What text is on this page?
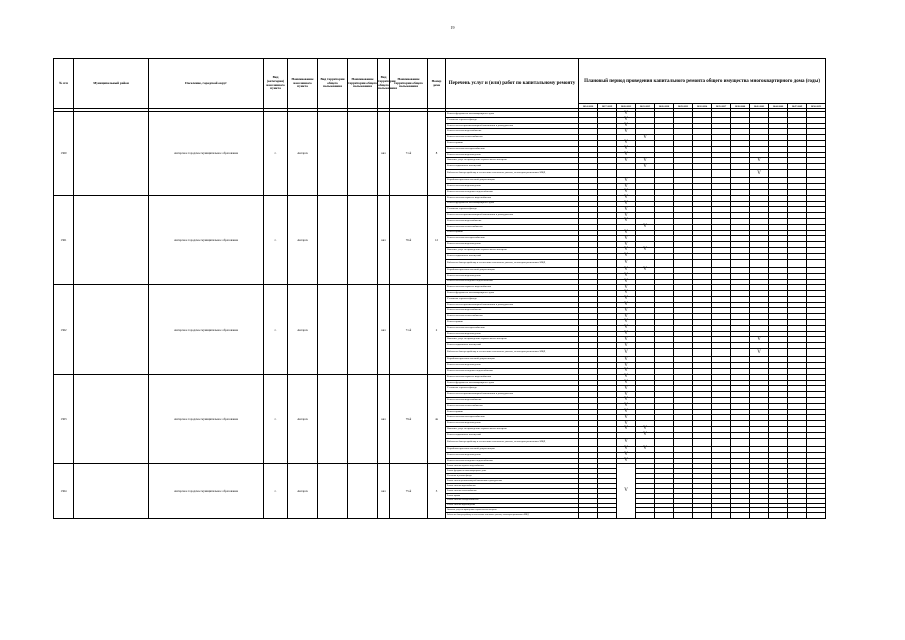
19
№ п/п	Муниципальный район	Поселение, городской округ	Вид (категория) населенного пункта	Наименование населенного пункта	Вид территории общего пользования	Наименование территории общего пользования	Вид территории общего пользования	Наименование территории общего пользования	Номер дома	Перечень услуг и (или) работ по капитальному ремонту	Плановый период проведения капитального ремонта общего имущества многоквартирного дома (годы)												
											2014-2016	2017-2019	2020-2022	2023-2025	2026-2028	2029-2031	2032-2034	2035-2037	2038-2040	2041-2043	2044-2046	2047-2049	2050-2052

1360		Ангарское городское муниципальное образование	г.	Ангарск			квл	71-й	8	Ремонт фундамента многоквартирного дома			V										
										Утепление и ремонт фасада			V										
										Ремонт систем противопожарной автоматики и дымоудаления			V										
										Ремонт системы водоснабжения			V										
										Ремонт системы теплоснабжения				V									
										Ремонт крыши			V										
										Ремонт системы электроснабжения			V										
										Ремонт системы водоотведения			V										
										Оказание услуг по проведению строительного контроля			V	V						V			
										Ремонт подвальных помещений				V									
										Работы по благоустройству и озеленению земельного участка, на котором расположен МКД										V			
										Разработка проектно-сметной документации			V										
										Ремонт системы водоотведения			V										
										Ремонт системы холодного водоснабжения			V										
1361		Ангарское городское муниципальное образование	г.	Ангарск			квл	76-й	12	Ремонт системы горячего водоснабжения			V										
										Ремонт фундамента многоквартирного дома			V										
										Утепление и ремонт фасада			V										
										Ремонт систем противопожарной автоматики и дымоудаления			V										
										Ремонт системы водоснабжения			V										
										Ремонт системы теплоснабжения				V									
										Ремонт крыши			V										
										Ремонт системы электроснабжения			V										
										Ремонт системы водоотведения			V										
										Оказание услуг по проведению строительного контроля			V	V									
										Ремонт подвальных помещений			V										
										Работы по благоустройству и озеленению земельного участка, на котором расположен МКД			V										
										Разработка проектно-сметной документации			V	V									
										Ремонт системы водоотведения			V										
										Ремонт системы холодного водоснабжения			V										
1362		Ангарское городское муниципальное образование	г.	Ангарск			квл	71-й	2	Ремонт системы горячего водоснабжения			V										
										Ремонт фундамента многоквартирного дома			V										
										Утепление и ремонт фасада			V										
										Ремонт систем противопожарной автоматики и дымоудаления			V										
										Ремонт системы водоснабжения			V										
										Ремонт системы теплоснабжения			V										
										Ремонт крыши			V										
										Ремонт системы электроснабжения			V										
										Ремонт системы водоотведения			V										
										Оказание услуг по проведению строительного контроля			V							V			
										Ремонт подвальных помещений			V										
										Работы по благоустройству и озеленению земельного участка, на котором расположен МКД			V							V			
										Разработка проектно-сметной документации			V										
										Ремонт системы водоотведения			V										
										Ремонт системы холодного водоснабжения			V										
1363		Ангарское городское муниципальное образование	г.	Ангарск			квл	79-й	4а	Ремонт системы горячего водоснабжения			V										
										Ремонт фундамента многоквартирного дома			V										
										Утепление и ремонт фасада			V										
										Ремонт систем противопожарной автоматики и дымоудаления			V										
										Ремонт системы водоснабжения			V										
										Ремонт системы теплоснабжения			V										
										Ремонт крыши			V										
										Ремонт системы электроснабжения			V										
										Ремонт системы водоотведения			V										
										Оказание услуг по проведению строительного контроля			V	V									
										Ремонт подвальных помещений				V									
										Работы по благоустройству и озеленению земельного участка, на котором расположен МКД			V										
										Разработка проектно-сметной документации			V	V									
										Ремонт системы водоотведения			V										
										Ремонт системы холодного водоснабжения			V										
1364		Ангарское городское муниципальное образование	г.	Ангарск			квл	75-й	3	Ремонт системы горячего водоснабжения			V										
										Ремонт фундамента многоквартирного дома													
										Утепление и ремонт фасада													
										Ремонт систем противопожарной автоматики и дымоудаления													
										Ремонт системы водоснабжения													
										Ремонт системы теплоснабжения													
										Ремонт крыши													
										Ремонт системы электроснабжения													
										Ремонт системы водоотведения													
										Оказание услуг по проведению строительного контроля													
										Работы по благоустройству и озеленению земельного участка, на котором расположен МКД													
